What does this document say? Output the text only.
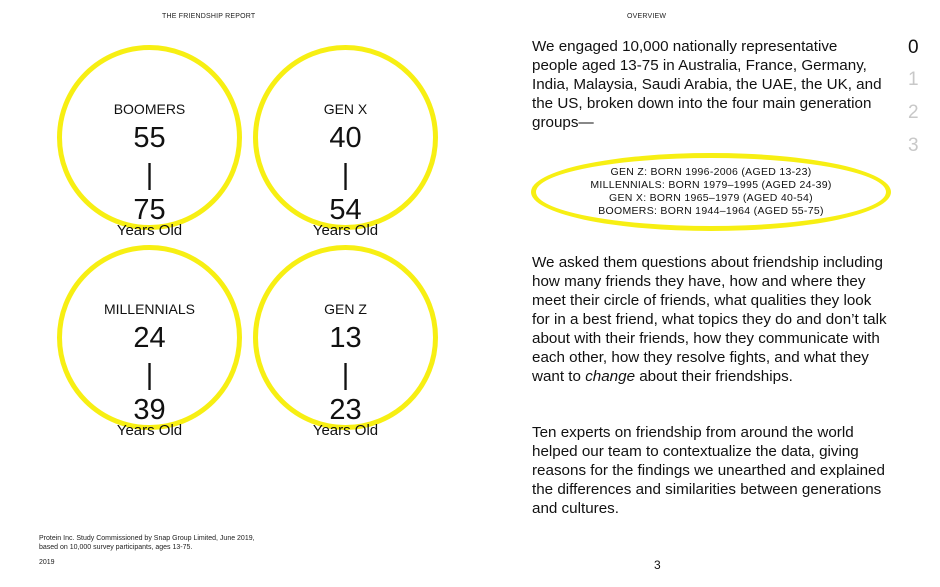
THE FRIENDSHIP REPORT	OVERVIEW
BOOMERS
55
|
75
Years Old
GEN X
40
|
54
Years Old
MILLENNIALS
24
|
39
Years Old
GEN Z
13
|
23
Years Old
We engaged 10,000 nationally representative people aged 13-75 in Australia, France, Germany, India, Malaysia, Saudi Arabia, the UAE, the UK, and the US, broken down into the four main generation groups—
GEN Z: BORN 1996-2006 (AGED 13-23)
MILLENNIALS: BORN 1979–1995 (AGED 24-39)
GEN X: BORN 1965–1979 (AGED 40-54)
BOOMERS: BORN 1944–1964 (AGED 55-75)
We asked them questions about friendship including how many friends they have, how and where they meet their circle of friends, what qualities they look for in a best friend, what topics they do and don’t talk about with their friends, how they communicate with each other, how they resolve fights, and what they want to change about their friendships.
Ten experts on friendship from around the world helped our team to contextualize the data, giving reasons for the findings we unearthed and explained the differences and similarities between generations and cultures.
0
1
2
3
Protein Inc. Study Commissioned by Snap Group Limited, June 2019,
based on 10,000 survey participants, ages 13-75.
2019	3
